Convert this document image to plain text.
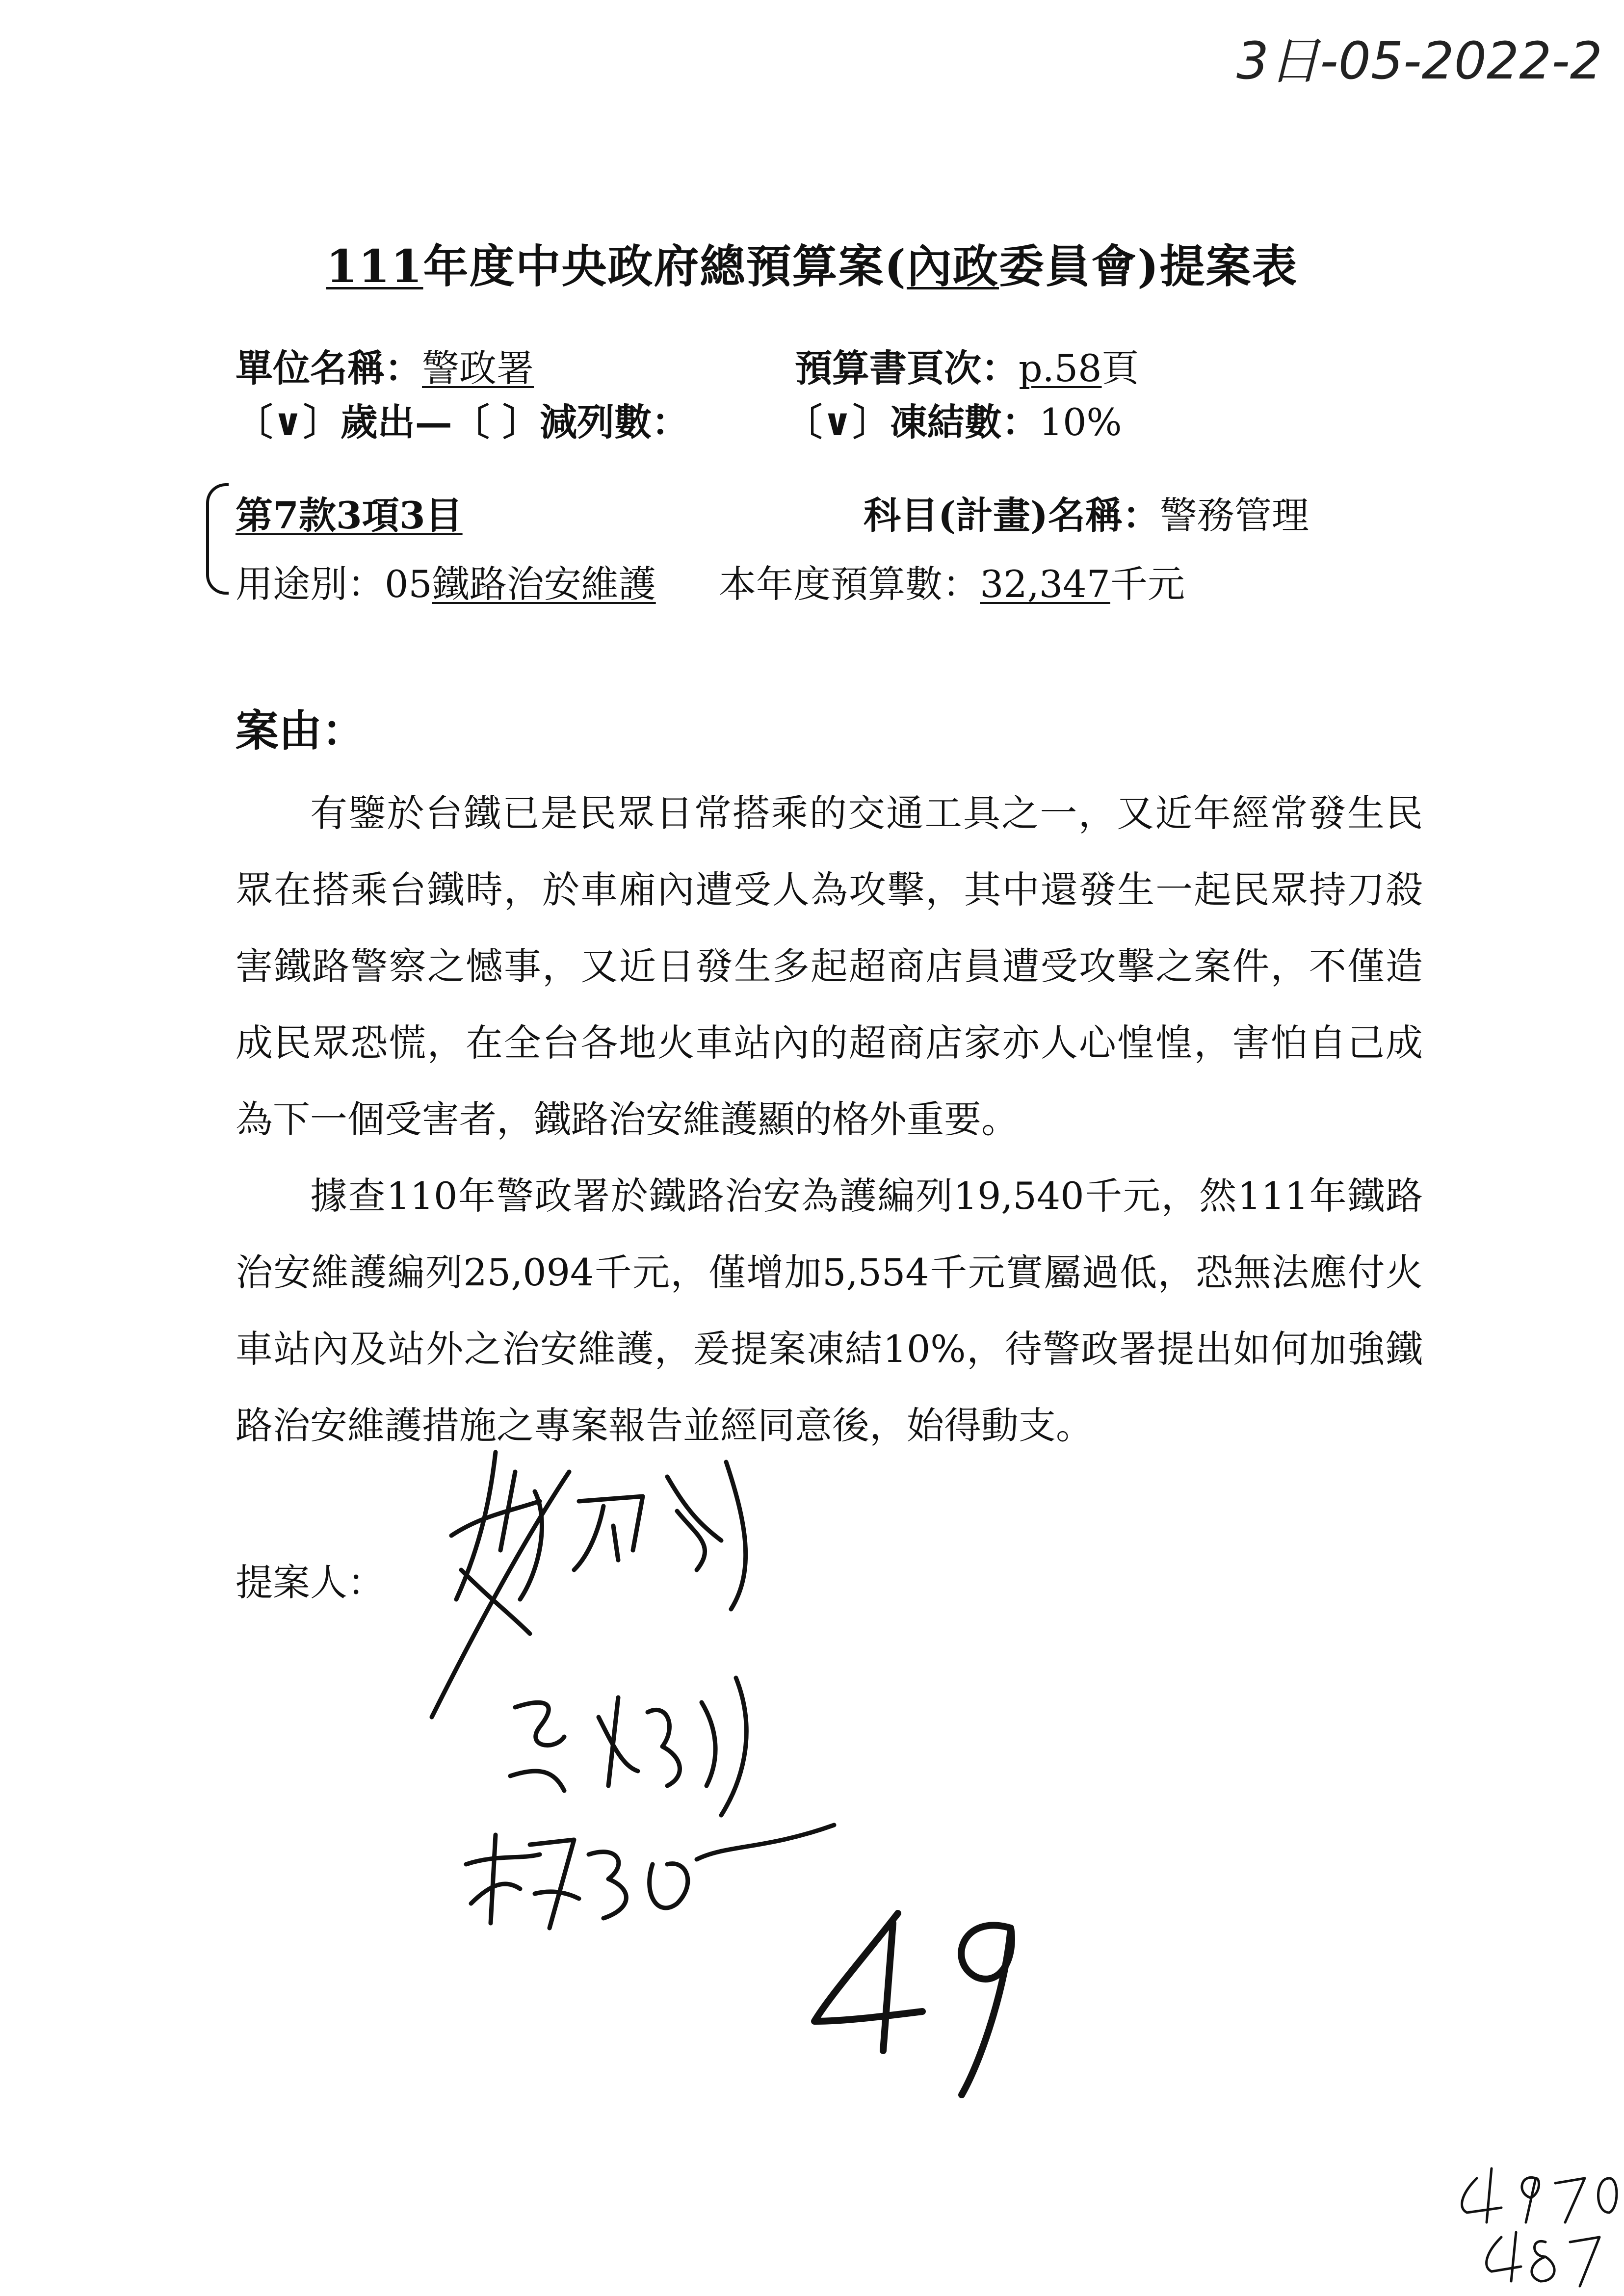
3日-05-2022-2
111年度中央政府總預算案(內政委員會)提案表
單位名稱：警政署	預算書頁次：p.58頁
〔∨〕歲出—〔 〕減列數：	〔∨〕凍結數：10%
第7款3項3目	科目(計畫)名稱：警務管理
用途別：05鐵路治安維護 本年度預算數：32,347千元
案由：
有鑒於台鐵已是民眾日常搭乘的交通工具之一，又近年經常發生民眾在搭乘台鐵時，於車廂內遭受人為攻擊，其中還發生一起民眾持刀殺害鐵路警察之憾事，又近日發生多起超商店員遭受攻擊之案件，不僅造成民眾恐慌，在全台各地火車站內的超商店家亦人心惶惶，害怕自己成為下一個受害者，鐵路治安維護顯的格外重要。
據查110年警政署於鐵路治安為護編列19,540千元，然111年鐵路治安維護編列25,094千元，僅增加5,554千元實屬過低，恐無法應付火車站內及站外之治安維護，爰提案凍結10%，待警政署提出如何加強鐵路治安維護措施之專案報告並經同意後，始得動支。
提案人：
